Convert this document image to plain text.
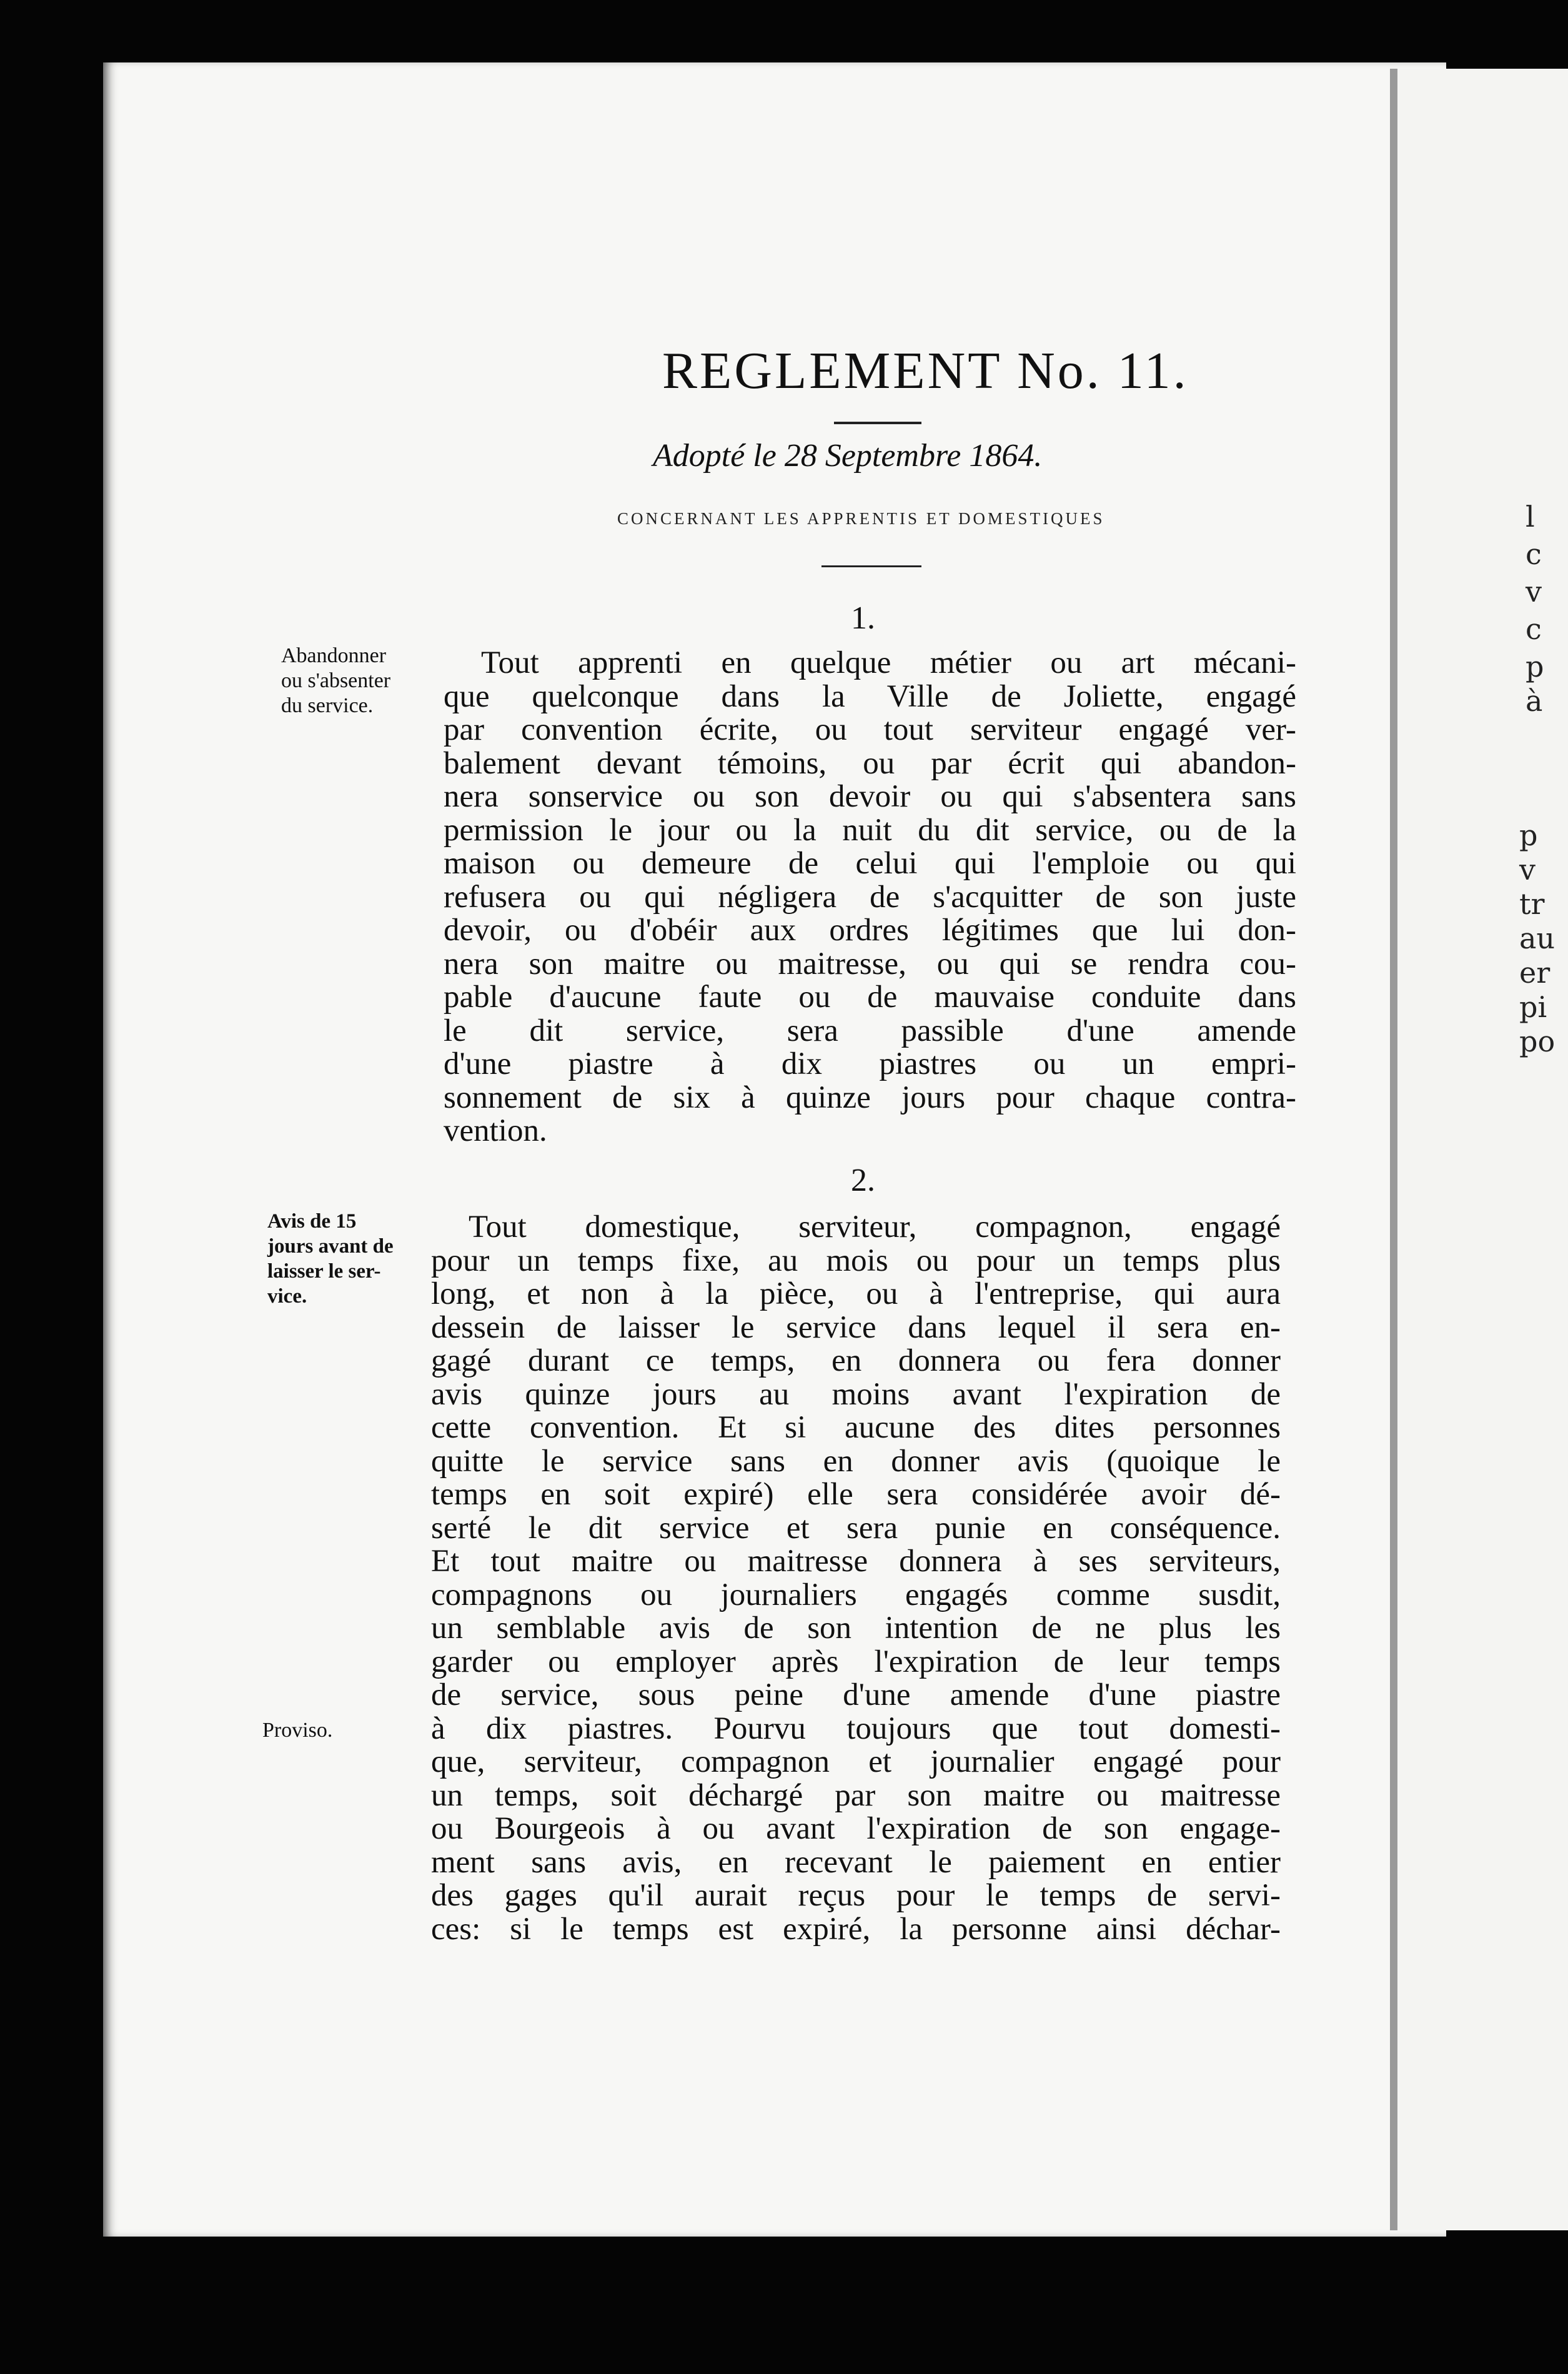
l
c
v
c
p
à
p
v
tr
au
er
pi
po
REGLEMENT No. 11.
Adopté le 28 Septembre 1864.
CONCERNANT LES APPRENTIS ET DOMESTIQUES
1.
Abandonner
ou s'absenter
du service.
Tout apprenti en quelque métier ou art mécani-
que quelconque dans la Ville de Joliette, engagé
par convention écrite, ou tout serviteur engagé ver-
balement devant témoins, ou par écrit qui abandon-
nera sonservice ou son devoir ou qui s'absentera sans
permission le jour ou la nuit du dit service, ou de la
maison ou demeure de celui qui l'emploie ou qui
refusera ou qui négligera de s'acquitter de son juste
devoir, ou d'obéir aux ordres légitimes que lui don-
nera son maitre ou maitresse, ou qui se rendra cou-
pable d'aucune faute ou de mauvaise conduite dans
le dit service, sera passible d'une amende
d'une piastre à dix piastres ou un empri-
sonnement de six à quinze jours pour chaque contra-
vention.
2.
Avis de 15
jours avant de
laisser le ser-
vice.
Proviso.
Tout domestique, serviteur, compagnon, engagé
pour un temps fixe, au mois ou pour un temps plus
long, et non à la pièce, ou à l'entreprise, qui aura
dessein de laisser le service dans lequel il sera en-
gagé durant ce temps, en donnera ou fera donner
avis quinze jours au moins avant l'expiration de
cette convention. Et si aucune des dites personnes
quitte le service sans en donner avis (quoique le
temps en soit expiré) elle sera considérée avoir dé-
serté le dit service et sera punie en conséquence.
Et tout maitre ou maitresse donnera à ses serviteurs,
compagnons ou journaliers engagés comme susdit,
un semblable avis de son intention de ne plus les
garder ou employer après l'expiration de leur temps
de service, sous peine d'une amende d'une piastre
à dix piastres. Pourvu toujours que tout domesti-
que, serviteur, compagnon et journalier engagé pour
un temps, soit déchargé par son maitre ou maitresse
ou Bourgeois à ou avant l'expiration de son engage-
ment sans avis, en recevant le paiement en entier
des gages qu'il aurait reçus pour le temps de servi-
ces: si le temps est expiré, la personne ainsi déchar-
